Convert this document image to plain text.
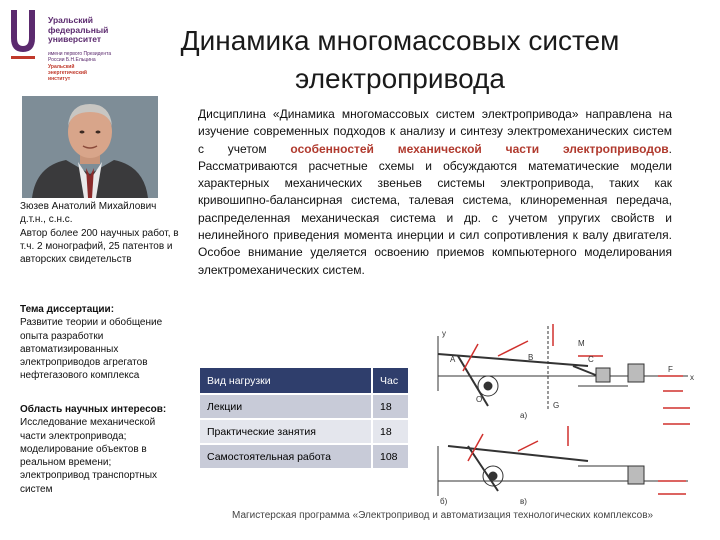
Уральский
федеральный
университет
имени первого Президента России Б.Н.Ельцина
Уральский энергетический институт
Динамика многомассовых систем
электропривода
Зюзев Анатолий Михайлович
д.т.н., с.н.с.
Автор более 200 научных работ, в т.ч. 2 монографий, 25 патентов и авторских свидетельств
Тема диссертации:
Развитие теории и обобщение опыта разработки автоматизированных электроприводов агрегатов нефтегазового комплекса
Область научных интересов:
Исследование механической части электропривода; моделирование объектов в реальном времени; электропривод транспортных систем
Дисциплина «Динамика многомассовых систем электропривода» направлена на изучение современных подходов к анализу и синтезу электромеханических систем с учетом особенностей механической части электроприводов. Рассматриваются расчетные схемы и обсуждаются математические модели характерных механических звеньев системы электропривода, таких как кривошипно-балансирная система, талевая система, клиноременная передача, распределенная механическая система и др. с учетом упругих свойств и нелинейного приведения момента инерции и сил сопротивления к валу двигателя. Особое внимание уделяется освоению приемов компьютерного моделирования электромеханических систем.
Вид нагрузки	Час
Лекции	18
Практические занятия	18
Самостоятельная работа	108
y
a)
б)	в)
x
M
G
F
A	B	C
O
Магистерская программа «Электропривод и автоматизация технологических комплексов»
